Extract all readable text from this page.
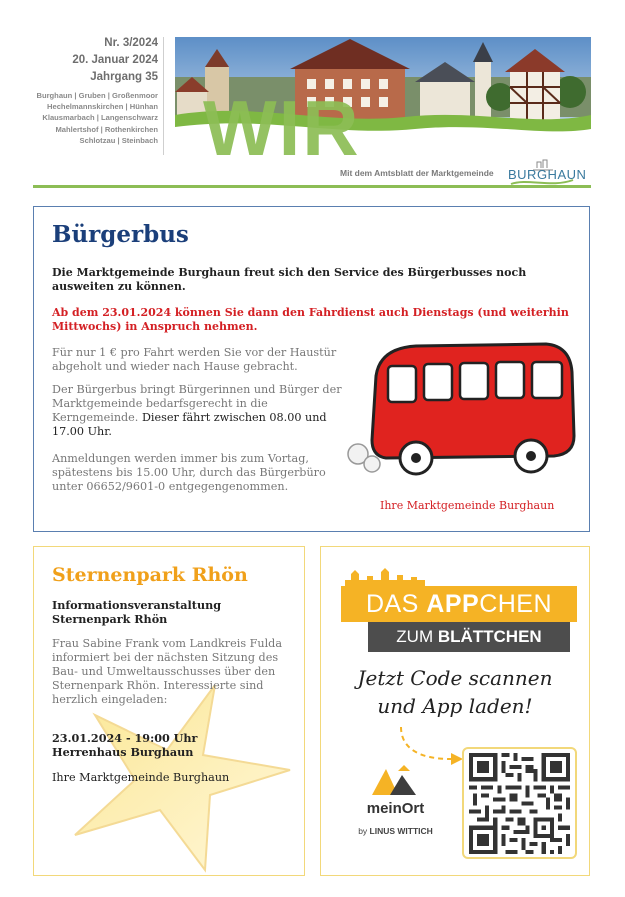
Nr. 3/2024
20. Januar 2024
Jahrgang 35
Burghaun | Gruben | Großenmoor
Hechelmannskirchen | Hünhan
Klausmarbach | Langenschwarz
Mahlertshof | Rothenkirchen
Schlotzau | Steinbach WIR
Mit dem Amtsblatt der Marktgemeinde BURGHAUN
Bürgerbus
Die Marktgemeinde Burghaun freut sich den Service des Bürgerbusses noch ausweiten zu können.
Ab dem 23.01.2024 können Sie dann den Fahrdienst auch Dienstags (und weiterhin Mittwochs) in Anspruch nehmen.
Für nur 1 € pro Fahrt werden Sie vor der Haustür abgeholt und wieder nach Hause gebracht.
Der Bürgerbus bringt Bürgerinnen und Bürger der Marktgemeinde bedarfsgerecht in die Kerngemeinde. Dieser fährt zwischen 08.00 und 17.00 Uhr.
Anmeldungen werden immer bis zum Vortag, spätestens bis 15.00 Uhr, durch das Bürgerbüro unter 06652/9601-0 entgegengenommen.
Ihre Marktgemeinde Burghaun
Sternenpark Rhön
Informationsveranstaltung Sternenpark Rhön
Frau Sabine Frank vom Landkreis Fulda informiert bei der nächsten Sitzung des Bau- und Umweltausschusses über den Sternenpark Rhön. Interessierte sind herzlich eingeladen:
23.01.2024 - 19:00 Uhr
Herrenhaus Burghaun
Ihre Marktgemeinde Burghaun
DAS APPCHEN
ZUM BLÄTTCHEN
Jetzt Code scannen
und App laden!
meinOrt
by LINUS WITTICH
